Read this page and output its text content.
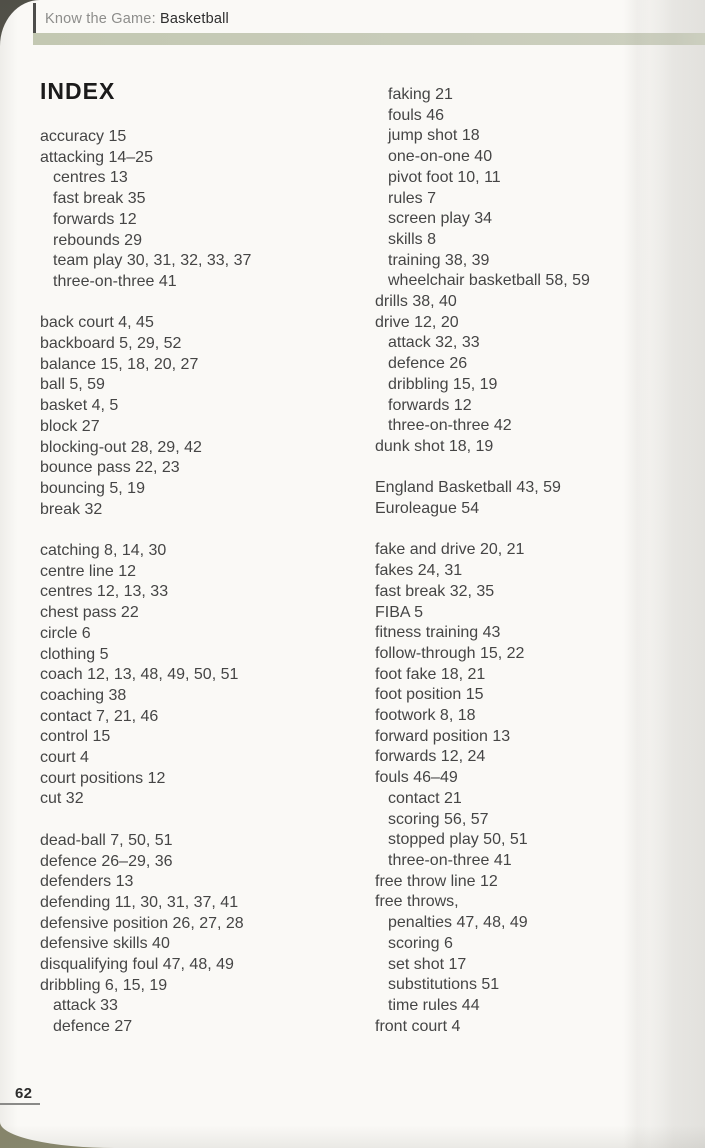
Know the Game: Basketball
INDEX
accuracy 15
attacking 14–25
centres 13
fast break 35
forwards 12
rebounds 29
team play 30, 31, 32, 33, 37
three-on-three 41
back court 4, 45
backboard 5, 29, 52
balance 15, 18, 20, 27
ball 5, 59
basket 4, 5
block 27
blocking-out 28, 29, 42
bounce pass 22, 23
bouncing 5, 19
break 32
catching 8, 14, 30
centre line 12
centres 12, 13, 33
chest pass 22
circle 6
clothing 5
coach 12, 13, 48, 49, 50, 51
coaching 38
contact 7, 21, 46
control 15
court 4
court positions 12
cut 32
dead-ball 7, 50, 51
defence 26–29, 36
defenders 13
defending 11, 30, 31, 37, 41
defensive position 26, 27, 28
defensive skills 40
disqualifying foul 47, 48, 49
dribbling 6, 15, 19
attack 33
defence 27
faking 21
fouls 46
jump shot 18
one-on-one 40
pivot foot 10, 11
rules 7
screen play 34
skills 8
training 38, 39
wheelchair basketball 58, 59
drills 38, 40
drive 12, 20
attack 32, 33
defence 26
dribbling 15, 19
forwards 12
three-on-three 42
dunk shot 18, 19
England Basketball 43, 59
Euroleague 54
fake and drive 20, 21
fakes 24, 31
fast break 32, 35
FIBA 5
fitness training 43
follow-through 15, 22
foot fake 18, 21
foot position 15
footwork 8, 18
forward position 13
forwards 12, 24
fouls 46–49
contact 21
scoring 56, 57
stopped play 50, 51
three-on-three 41
free throw line 12
free throws,
penalties 47, 48, 49
scoring 6
set shot 17
substitutions 51
time rules 44
front court 4
62
